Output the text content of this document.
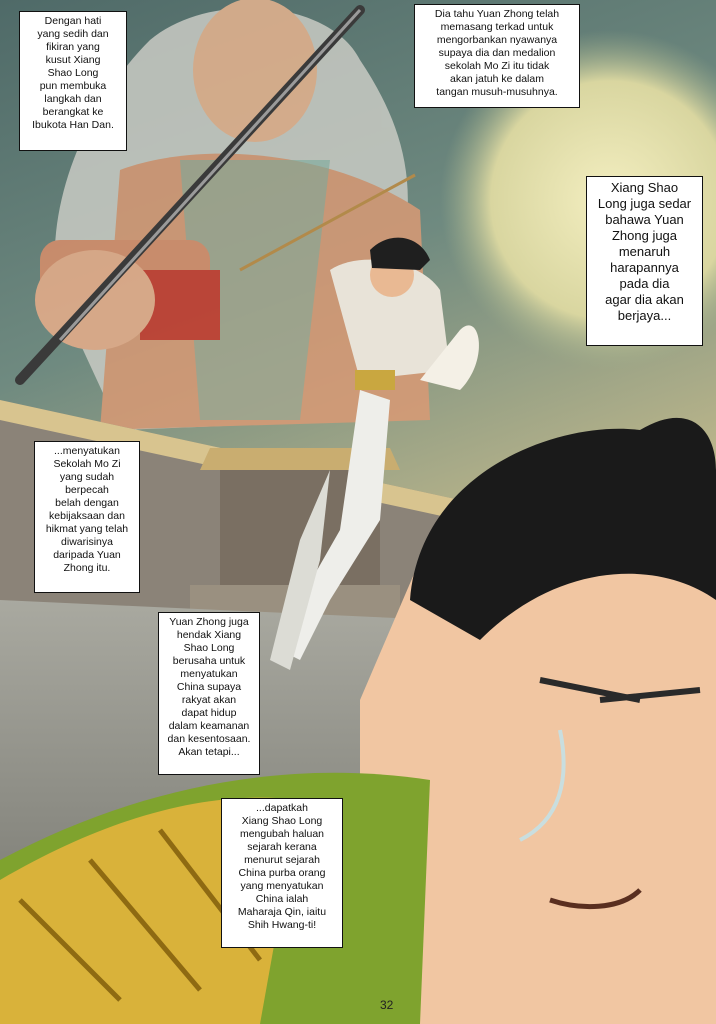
Dengan hati
yang sedih dan
fikiran yang
kusut Xiang
Shao Long
pun membuka
langkah dan
berangkat ke
Ibukota Han Dan.
Dia tahu Yuan Zhong telah
memasang terkad untuk
mengorbankan nyawanya
supaya dia dan medalion
sekolah Mo Zi itu tidak
akan jatuh ke dalam
tangan musuh-musuhnya.
Xiang Shao
Long juga sedar
bahawa Yuan
Zhong juga
menaruh
harapannya
pada dia
agar dia akan
berjaya...
...menyatukan
Sekolah Mo Zi
yang sudah
berpecah
belah dengan
kebijaksaan dan
hikmat yang telah
diwarisinya
daripada Yuan
Zhong itu.
Yuan Zhong juga
hendak Xiang
Shao Long
berusaha untuk
menyatukan
China supaya
rakyat akan
dapat hidup
dalam keamanan
dan kesentosaan.
Akan tetapi...
...dapatkah
Xiang Shao Long
mengubah haluan
sejarah kerana
menurut sejarah
China purba orang
yang menyatukan
China ialah
Maharaja Qin, iaitu
Shih Hwang-ti!
32
